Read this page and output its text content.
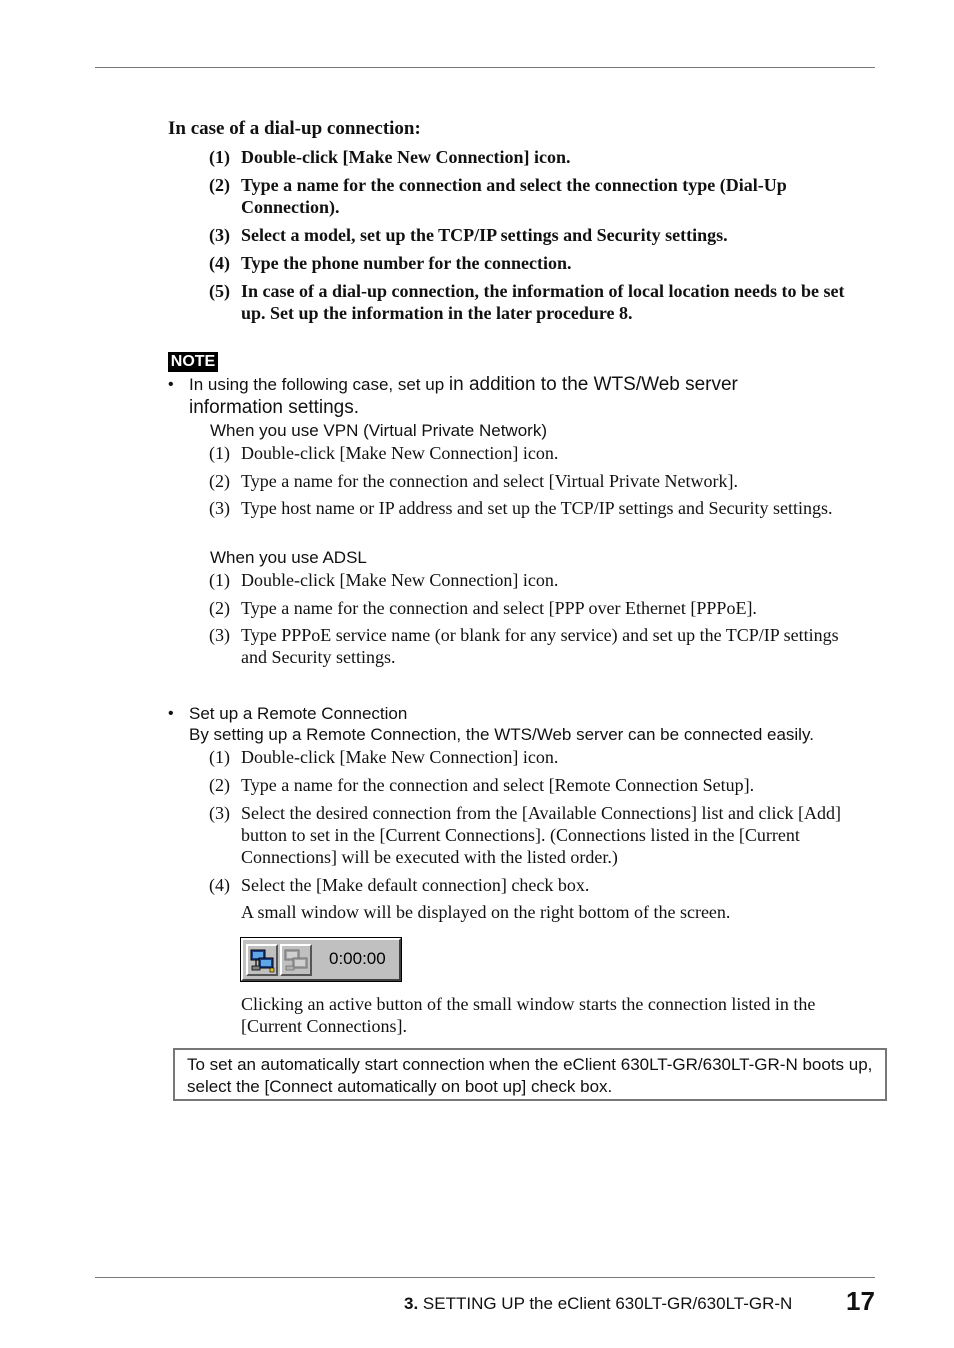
In case of a dial-up connection:
(1) Double-click [Make New Connection] icon.
(2) Type a name for the connection and select the connection type (Dial-Up Connection).
(3) Select a model, set up the TCP/IP settings and Security settings.
(4) Type the phone number for the connection.
(5) In case of a dial-up connection, the information of local location needs to be set up. Set up the information in the later procedure 8.
NOTE
• In using the following case, set up in addition to the WTS/Web server information settings.
When you use VPN (Virtual Private Network)
(1) Double-click [Make New Connection] icon.
(2) Type a name for the connection and select [Virtual Private Network].
(3) Type host name or IP address and set up the TCP/IP settings and Security settings.
When you use ADSL
(1) Double-click [Make New Connection] icon.
(2) Type a name for the connection and select [PPP over Ethernet [PPPoE].
(3) Type PPPoE service name (or blank for any service) and set up the TCP/IP settings and Security settings.
• Set up a Remote Connection
By setting up a Remote Connection, the WTS/Web server can be connected easily.
(1) Double-click [Make New Connection] icon.
(2) Type a name for the connection and select [Remote Connection Setup].
(3) Select the desired connection from the [Available Connections] list and click [Add] button to set in the [Current Connections]. (Connections listed in the [Current Connections] will be executed with the listed order.)
(4) Select the [Make default connection] check box.
A small window will be displayed on the right bottom of the screen.
0:00:00
Clicking an active button of the small window starts the connection listed in the [Current Connections].
To set an automatically start connection when the eClient 630LT-GR/630LT-GR-N boots up, select the [Connect automatically on boot up] check box.
3. SETTING UP the eClient 630LT-GR/630LT-GR-N 17
